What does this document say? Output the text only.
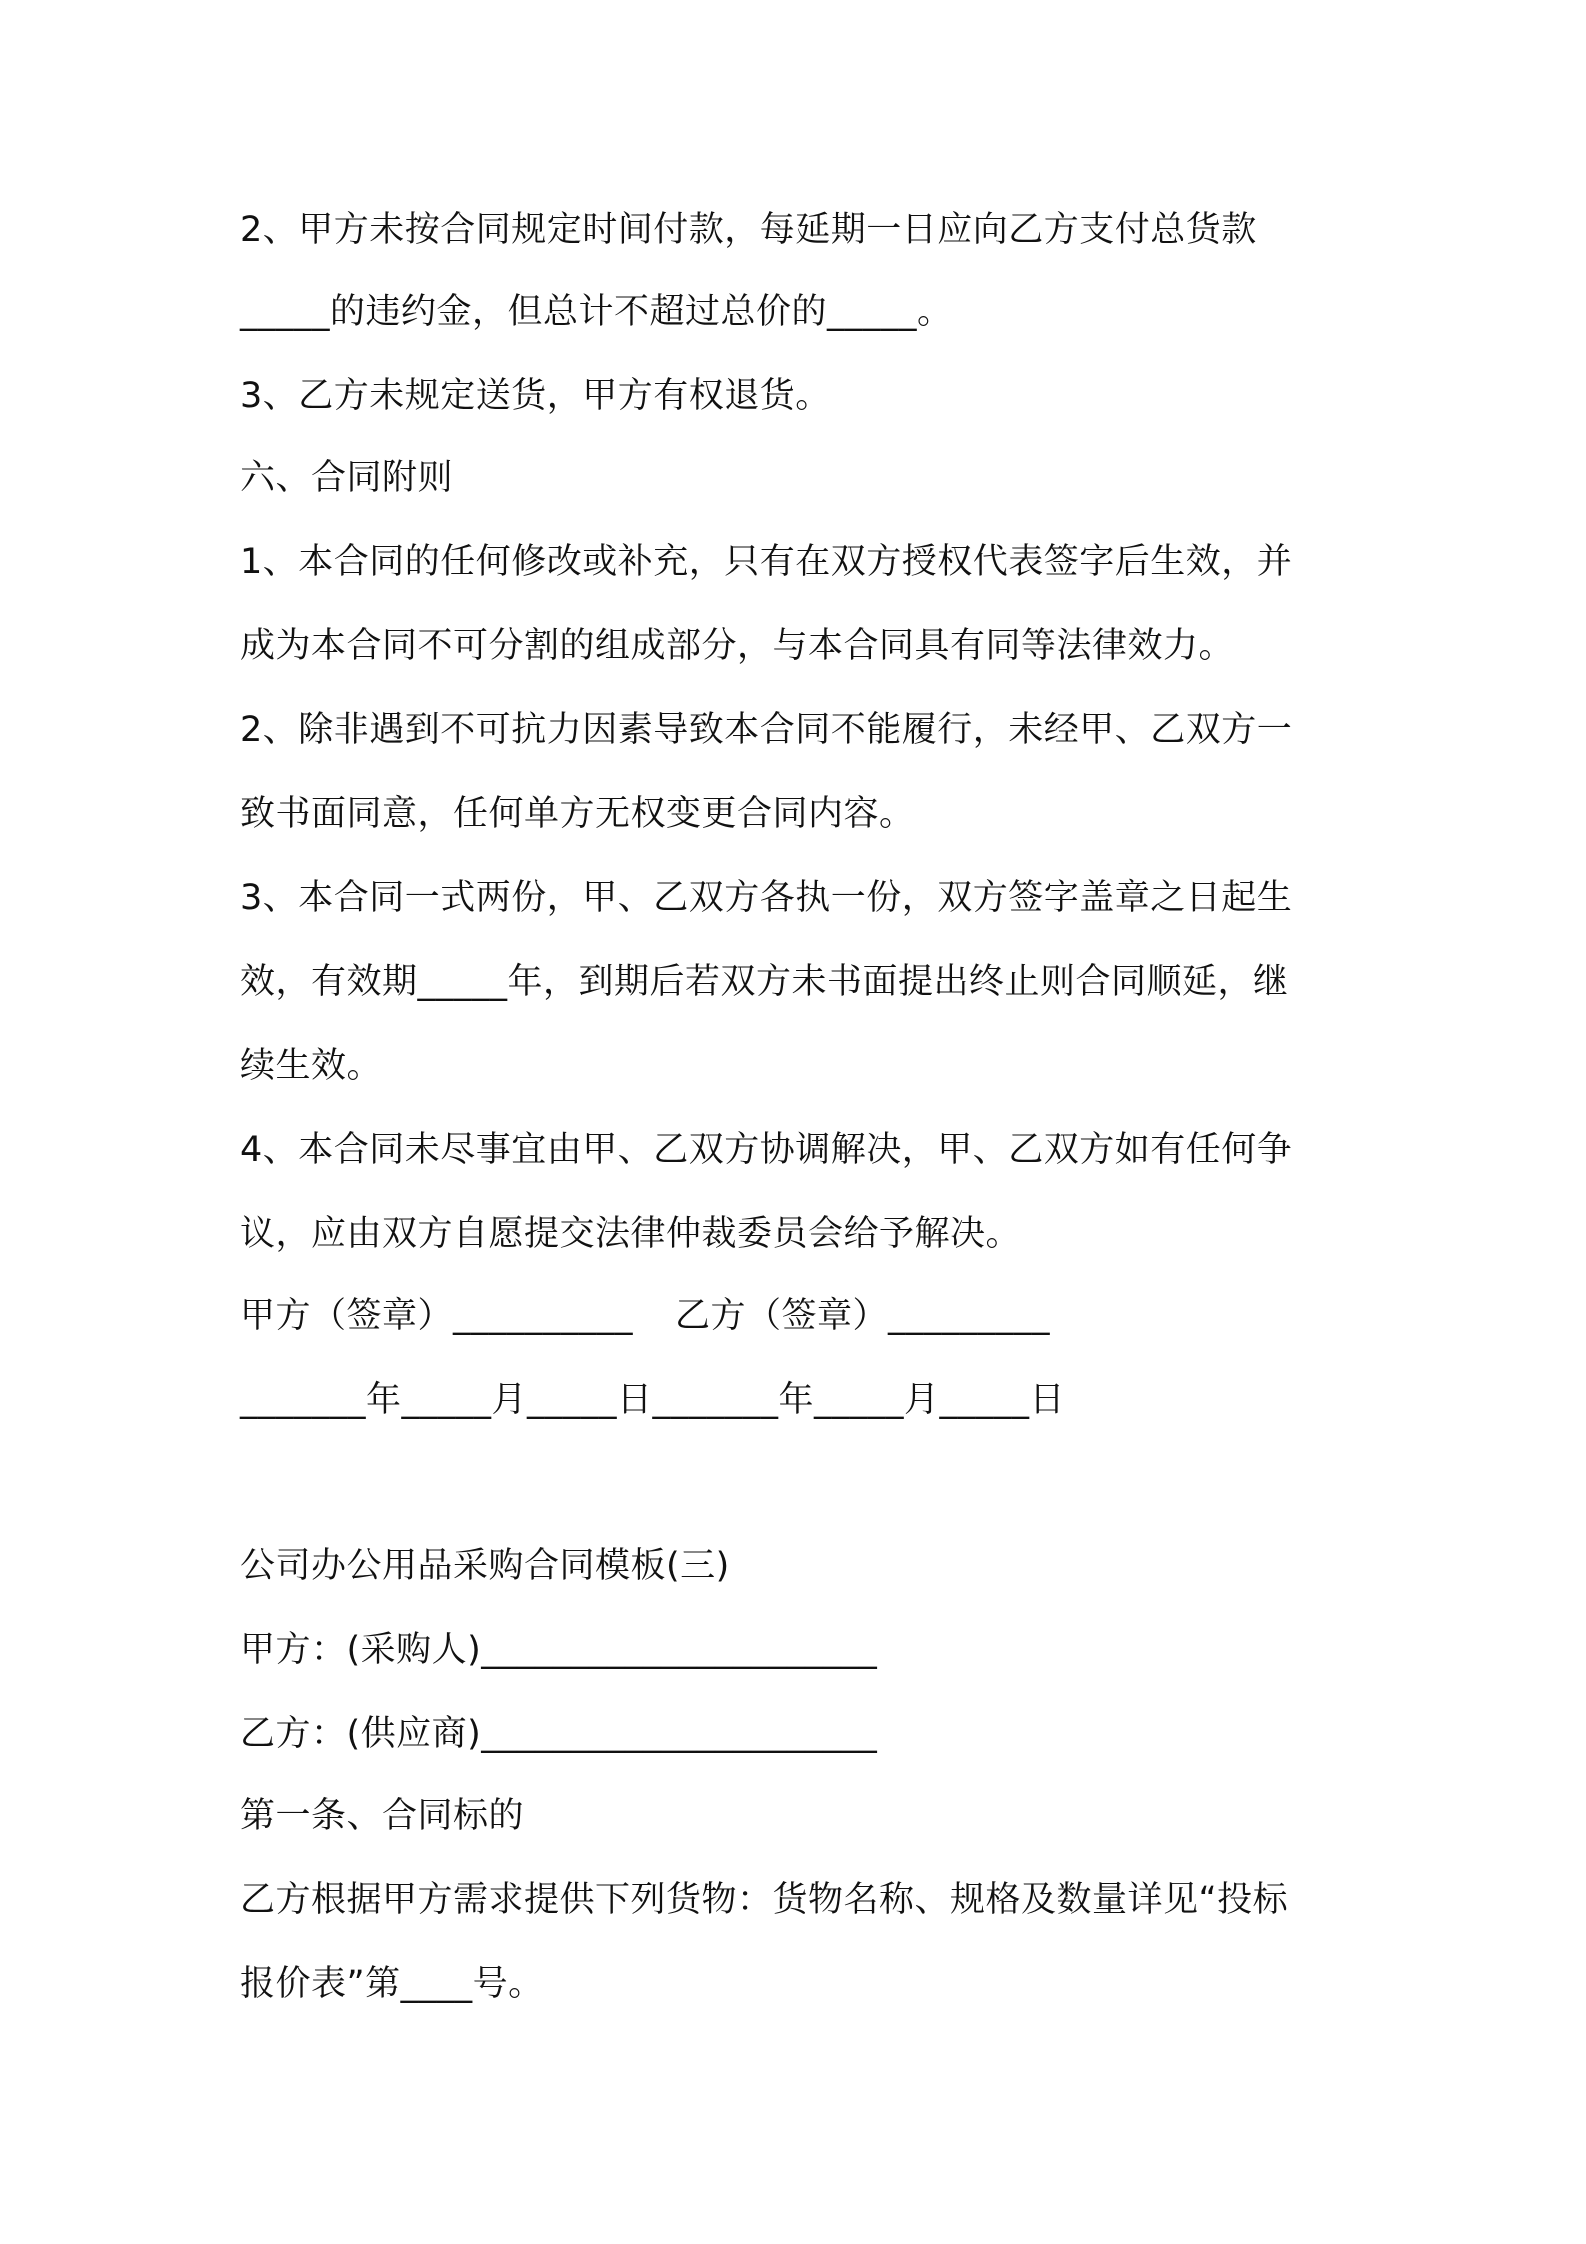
2、甲方未按合同规定时间付款，每延期一日应向乙方支付总货款
_____的违约金，但总计不超过总价的_____。
3、乙方未规定送货，甲方有权退货。
六、合同附则
1、本合同的任何修改或补充，只有在双方授权代表签字后生效，并
成为本合同不可分割的组成部分，与本合同具有同等法律效力。
2、除非遇到不可抗力因素导致本合同不能履行，未经甲、乙双方一
致书面同意，任何单方无权变更合同内容。
3、本合同一式两份，甲、乙双方各执一份，双方签字盖章之日起生
效，有效期_____年，到期后若双方未书面提出终止则合同顺延，继
续生效。
4、本合同未尽事宜由甲、乙双方协调解决，甲、乙双方如有任何争
议，应由双方自愿提交法律仲裁委员会给予解决。
甲方（签章）__________ 乙方（签章）_________
_______年_____月_____日_______年_____月_____日
公司办公用品采购合同模板(三)
甲方：(采购人)______________________
乙方：(供应商)______________________
第一条、合同标的
乙方根据甲方需求提供下列货物：货物名称、规格及数量详见“投标
报价表”第____号。
